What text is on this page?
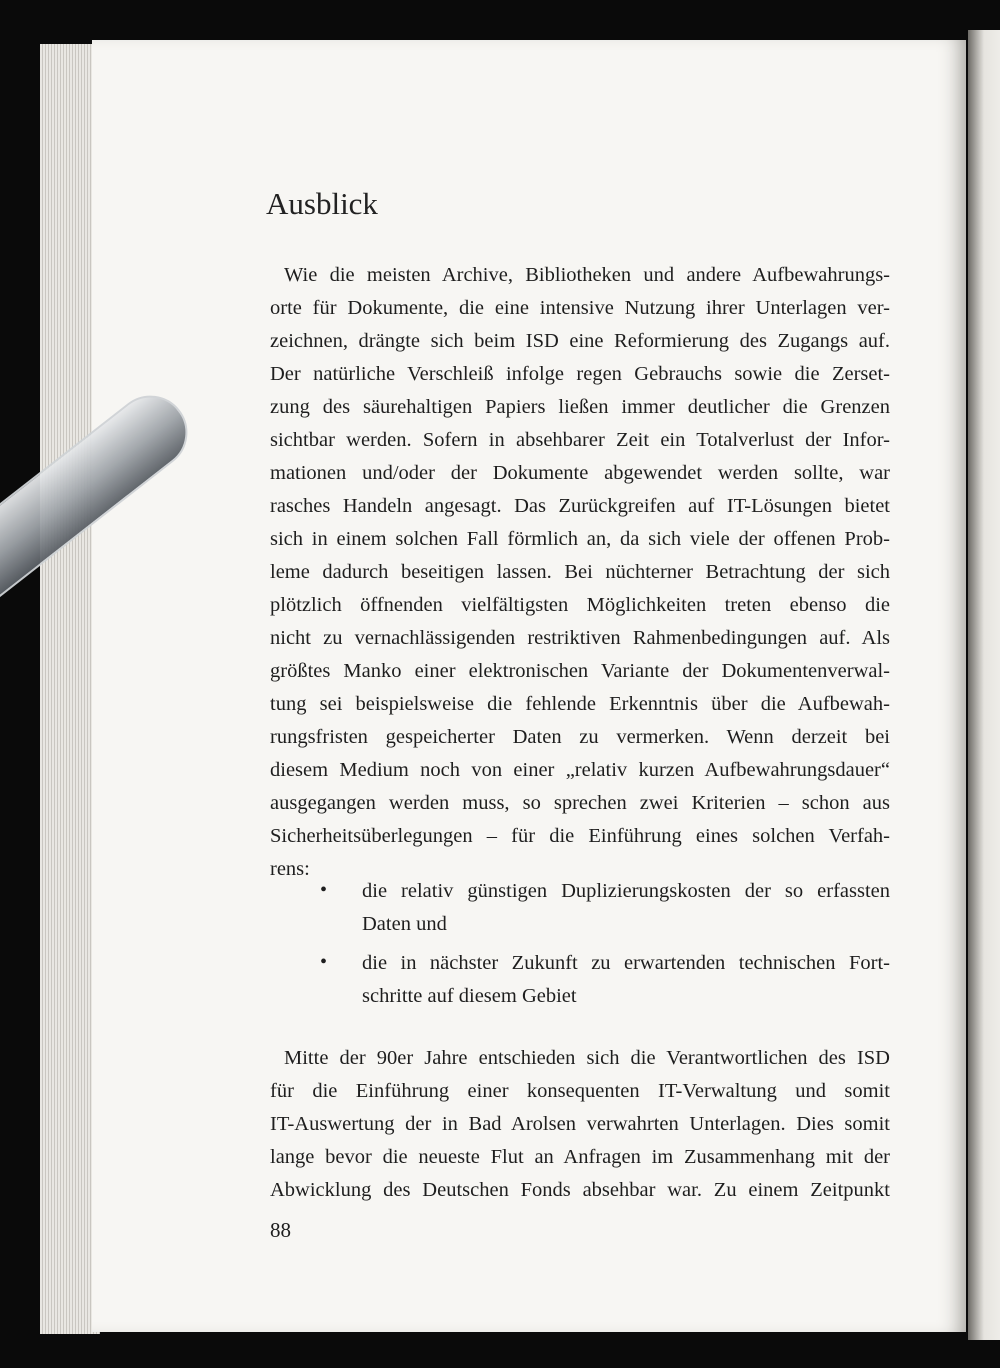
Ausblick
Wie die meisten Archive, Bibliotheken und andere Aufbewahrungs-
orte für Dokumente, die eine intensive Nutzung ihrer Unterlagen ver-
zeichnen, drängte sich beim ISD eine Reformierung des Zugangs auf.
Der natürliche Verschleiß infolge regen Gebrauchs sowie die Zerset-
zung des säurehaltigen Papiers ließen immer deutlicher die Grenzen
sichtbar werden. Sofern in absehbarer Zeit ein Totalverlust der Infor-
mationen und/oder der Dokumente abgewendet werden sollte, war
rasches Handeln angesagt. Das Zurückgreifen auf IT-Lösungen bietet
sich in einem solchen Fall förmlich an, da sich viele der offenen Prob-
leme dadurch beseitigen lassen. Bei nüchterner Betrachtung der sich
plötzlich öffnenden vielfältigsten Möglichkeiten treten ebenso die
nicht zu vernachlässigenden restriktiven Rahmenbedingungen auf. Als
größtes Manko einer elektronischen Variante der Dokumentenverwal-
tung sei beispielsweise die fehlende Erkenntnis über die Aufbewah-
rungsfristen gespeicherter Daten zu vermerken. Wenn derzeit bei
diesem Medium noch von einer „relativ kurzen Aufbewahrungsdauer“
ausgegangen werden muss, so sprechen zwei Kriterien – schon aus
Sicherheitsüberlegungen – für die Einführung eines solchen Verfah-
rens:
• die relativ günstigen Duplizierungskosten der so erfassten
Daten und
• die in nächster Zukunft zu erwartenden technischen Fort-
schritte auf diesem Gebiet
Mitte der 90er Jahre entschieden sich die Verantwortlichen des ISD
für die Einführung einer konsequenten IT-Verwaltung und somit
IT-Auswertung der in Bad Arolsen verwahrten Unterlagen. Dies somit
lange bevor die neueste Flut an Anfragen im Zusammenhang mit der
Abwicklung des Deutschen Fonds absehbar war. Zu einem Zeitpunkt
88
